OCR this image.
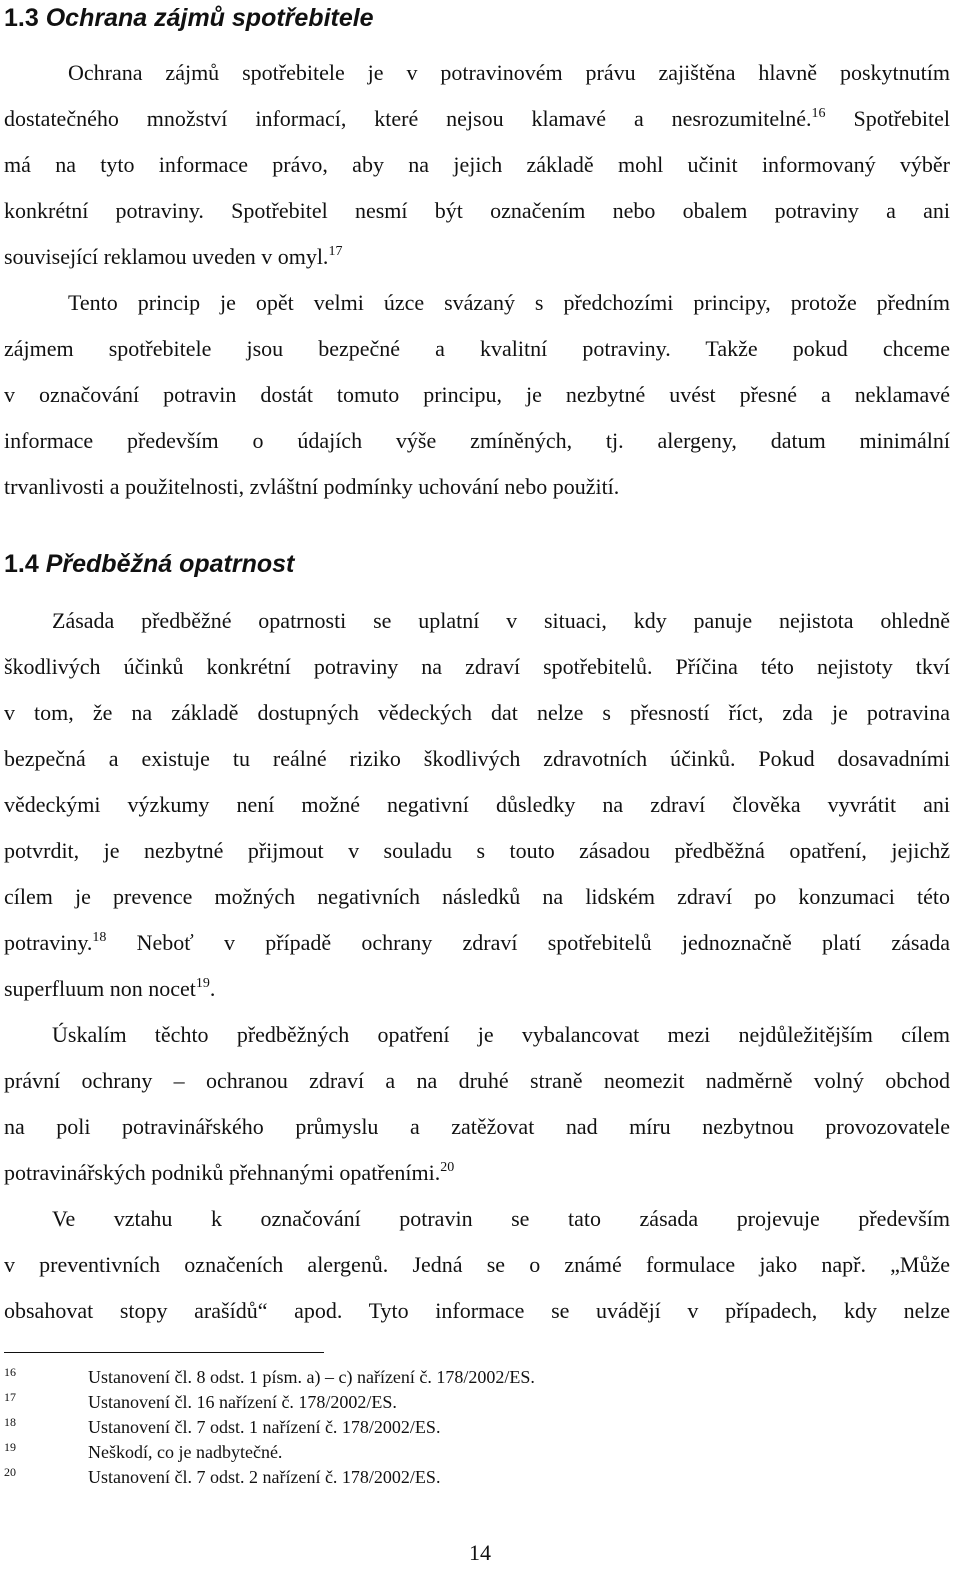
1.3 Ochrana zájmů spotřebitele
Ochrana zájmů spotřebitele je v potravinovém právu zajištěna hlavně poskytnutím
dostatečného množství informací, které nejsou klamavé a nesrozumitelné.$^{16}$ Spotřebitel
má na tyto informace právo, aby na jejich základě mohl učinit informovaný výběr
konkrétní potraviny. Spotřebitel nesmí být označením nebo obalem potraviny a ani
související reklamou uveden v omyl.$^{17}$
Tento princip je opět velmi úzce svázaný s předchozími principy, protože předním
zájmem spotřebitele jsou bezpečné a kvalitní potraviny. Takže pokud chceme
v označování potravin dostát tomuto principu, je nezbytné uvést přesné a neklamavé
informace především o údajích výše zmíněných, tj. alergeny, datum minimální
trvanlivosti a použitelnosti, zvláštní podmínky uchování nebo použití.
1.4 Předběžná opatrnost
Zásada předběžné opatrnosti se uplatní v situaci, kdy panuje nejistota ohledně
škodlivých účinků konkrétní potraviny na zdraví spotřebitelů. Příčina této nejistoty tkví
v tom, že na základě dostupných vědeckých dat nelze s přesností říct, zda je potravina
bezpečná a existuje tu reálné riziko škodlivých zdravotních účinků. Pokud dosavadními
vědeckými výzkumy není možné negativní důsledky na zdraví člověka vyvrátit ani
potvrdit, je nezbytné přijmout v souladu s touto zásadou předběžná opatření, jejichž
cílem je prevence možných negativních následků na lidském zdraví po konzumaci této
potraviny.$^{18}$ Neboť v případě ochrany zdraví spotřebitelů jednoznačně platí zásada
superfluum non nocet$^{19}$.
Úskalím těchto předběžných opatření je vybalancovat mezi nejdůležitějším cílem
právní ochrany – ochranou zdraví a na druhé straně neomezit nadměrně volný obchod
na poli potravinářského průmyslu a zatěžovat nad míru nezbytnou provozovatele
potravinářských podniků přehnanými opatřeními.$^{20}$
Ve vztahu k označování potravin se tato zásada projevuje především
v preventivních označeních alergenů. Jedná se o známé formulace jako např. „Může
obsahovat stopy arašídů“ apod. Tyto informace se uvádějí v případech, kdy nelze
16	Ustanovení čl. 8 odst. 1 písm. a) – c) nařízení č. 178/2002/ES.
17	Ustanovení čl. 16 nařízení č. 178/2002/ES.
18	Ustanovení čl. 7 odst. 1 nařízení č. 178/2002/ES.
19	Neškodí, co je nadbytečné.
20	Ustanovení čl. 7 odst. 2 nařízení č. 178/2002/ES.
14
